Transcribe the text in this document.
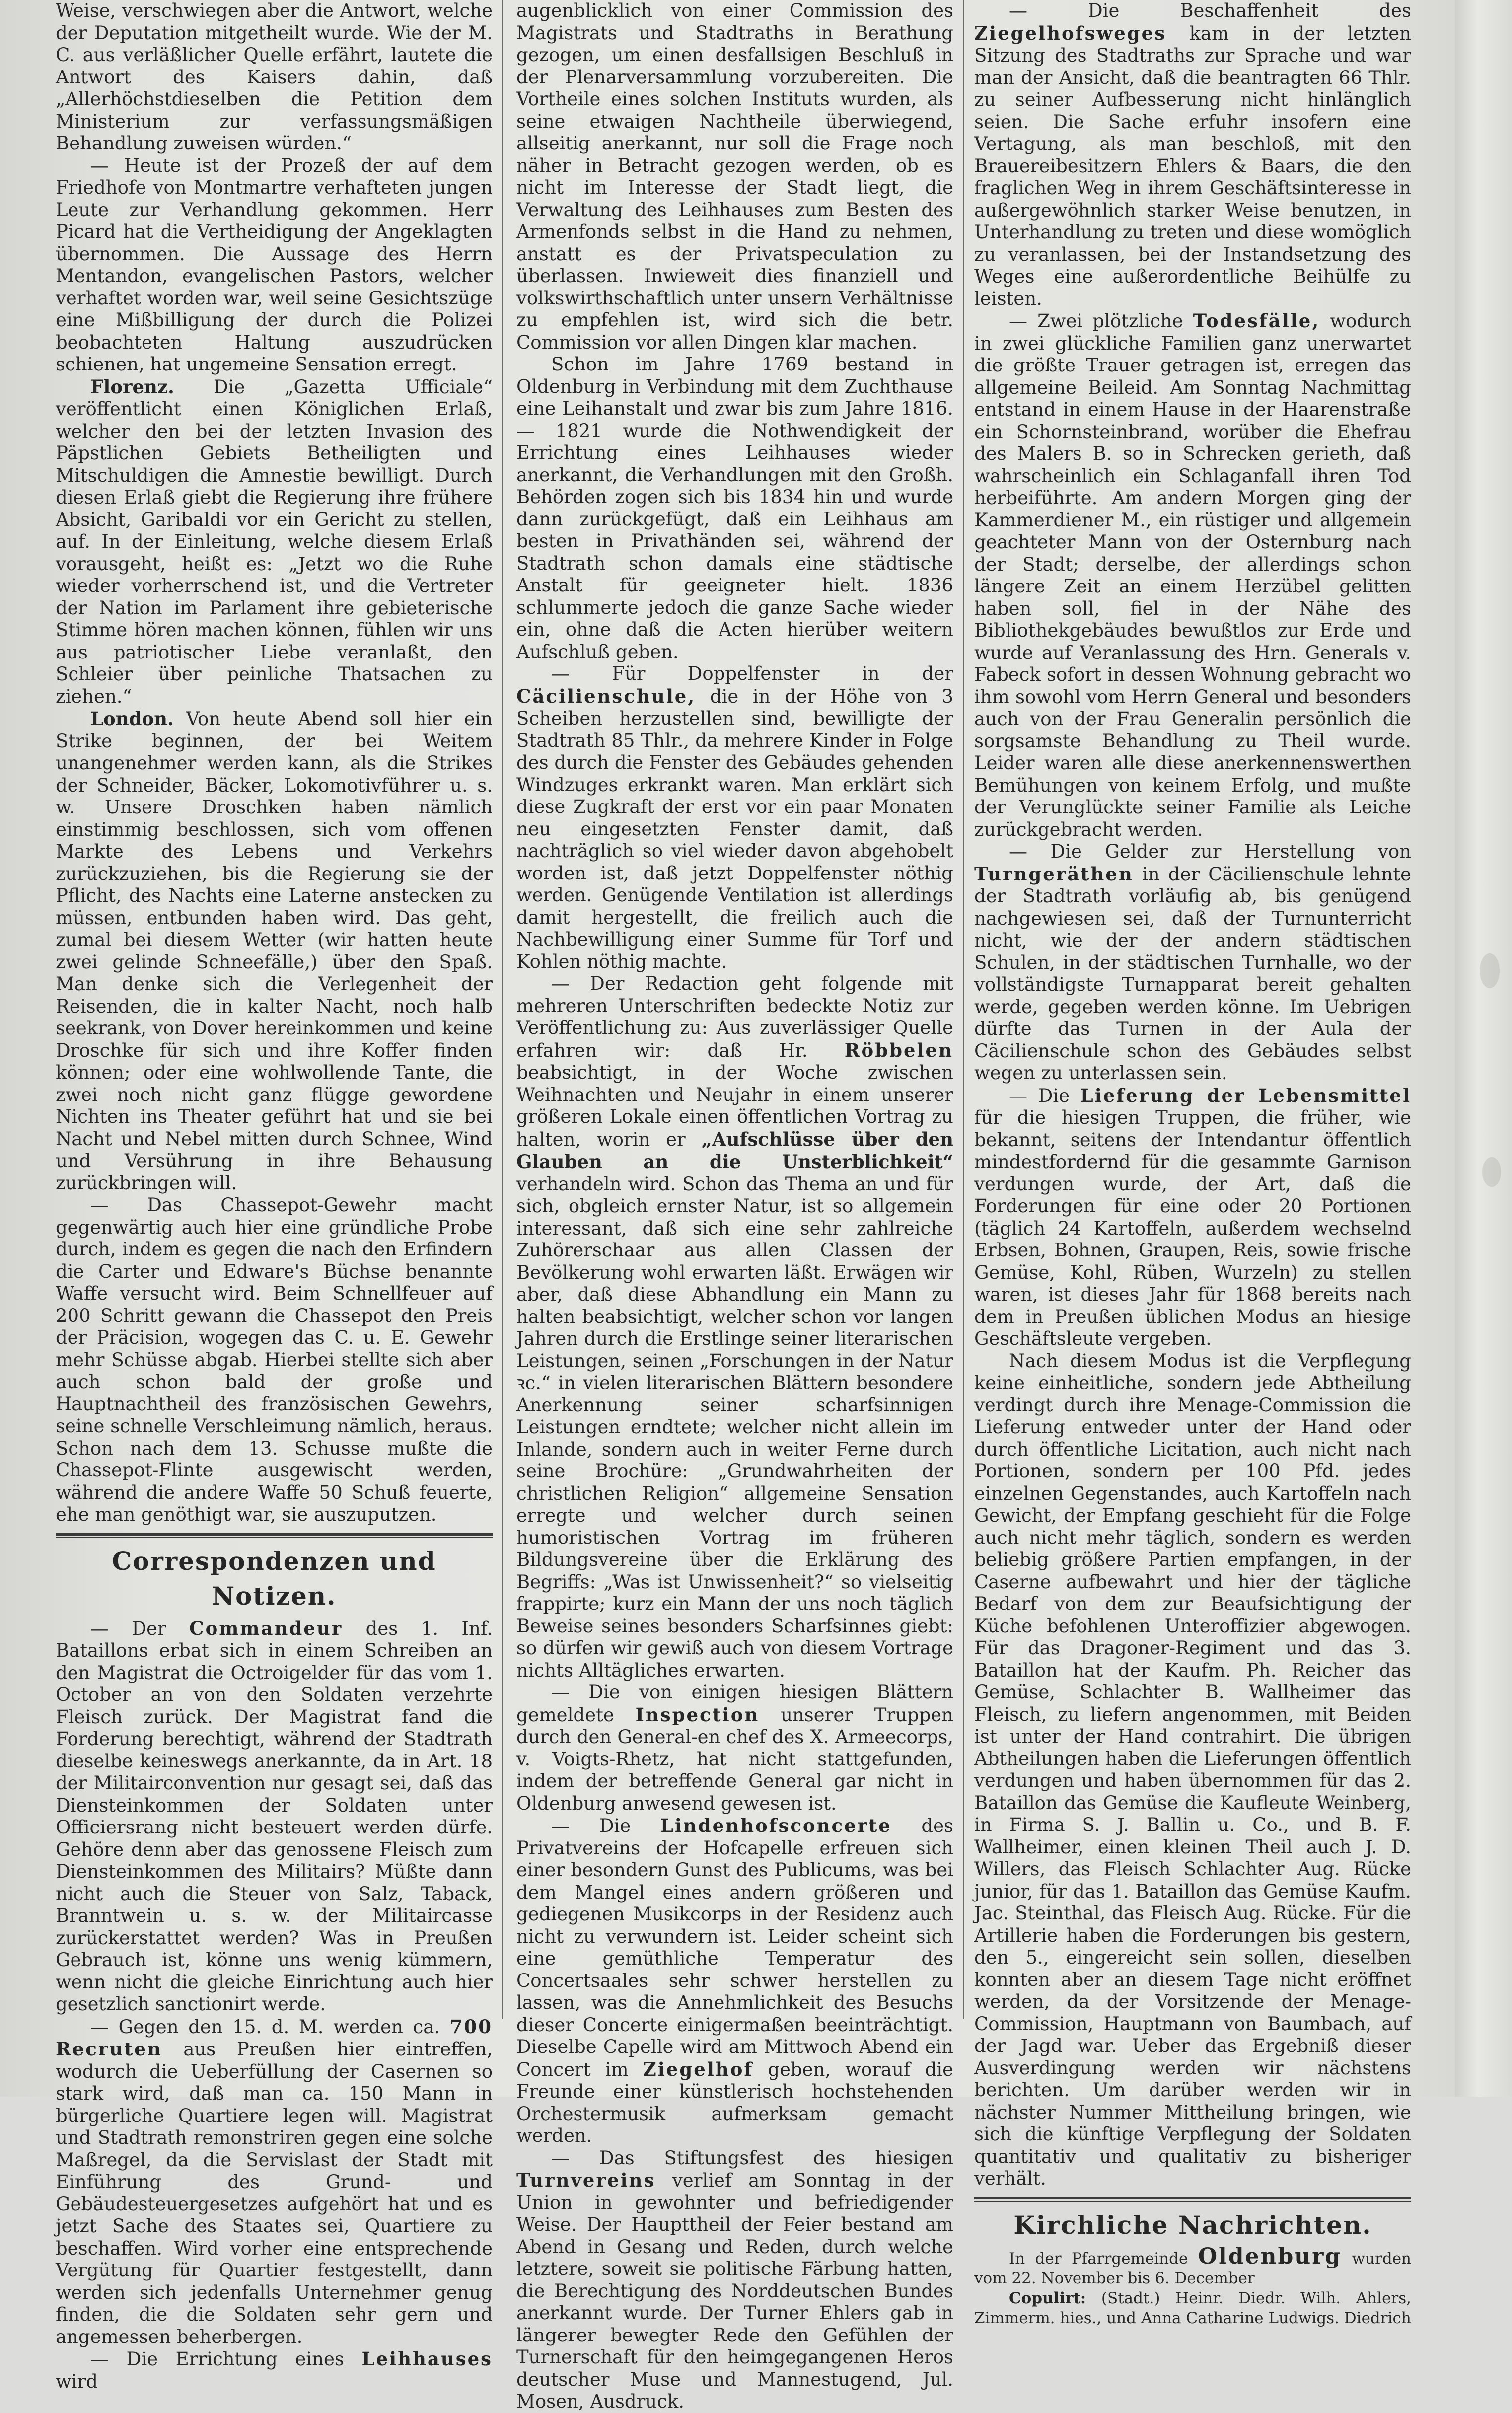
Weise, verschwiegen aber die Antwort, welche der Deputation mitgetheilt wurde. Wie der M. C. aus verläßlicher Quelle erfährt, lautete die Antwort des Kaisers dahin, daß „Allerhöchstdieselben die Petition dem Ministerium zur verfassungsmäßigen Behandlung zuweisen würden.“

— Heute ist der Prozeß der auf dem Friedhofe von Montmartre verhafteten jungen Leute zur Verhandlung gekommen. Herr Picard hat die Vertheidigung der Angeklagten übernommen. Die Aussage des Herrn Mentandon, evangelischen Pastors, welcher verhaftet worden war, weil seine Gesichtszüge eine Mißbilligung der durch die Polizei beobachteten Haltung auszudrücken schienen, hat ungemeine Sensation erregt.

Florenz. Die „Gazetta Ufficiale“ veröffentlicht einen Königlichen Erlaß, welcher den bei der letzten Invasion des Päpstlichen Gebiets Betheiligten und Mitschuldigen die Amnestie bewilligt. Durch diesen Erlaß giebt die Regierung ihre frühere Absicht, Garibaldi vor ein Gericht zu stellen, auf. In der Einleitung, welche diesem Erlaß vorausgeht, heißt es: „Jetzt wo die Ruhe wieder vorherrschend ist, und die Vertreter der Nation im Parlament ihre gebieterische Stimme hören machen können, fühlen wir uns aus patriotischer Liebe veranlaßt, den Schleier über peinliche Thatsachen zu ziehen.“

London. Von heute Abend soll hier ein Strike beginnen, der bei Weitem unangenehmer werden kann, als die Strikes der Schneider, Bäcker, Lokomotivführer u. s. w. Unsere Droschken haben nämlich einstimmig beschlossen, sich vom offenen Markte des Lebens und Verkehrs zurückzuziehen, bis die Regierung sie der Pflicht, des Nachts eine Laterne anstecken zu müssen, entbunden haben wird. Das geht, zumal bei diesem Wetter (wir hatten heute zwei gelinde Schneefälle,) über den Spaß. Man denke sich die Verlegenheit der Reisenden, die in kalter Nacht, noch halb seekrank, von Dover hereinkommen und keine Droschke für sich und ihre Koffer finden können; oder eine wohlwollende Tante, die zwei noch nicht ganz flügge gewordene Nichten ins Theater geführt hat und sie bei Nacht und Nebel mitten durch Schnee, Wind und Versührung in ihre Behausung zurückbringen will.

— Das Chassepot-Gewehr macht gegenwärtig auch hier eine gründliche Probe durch, indem es gegen die nach den Erfindern die Carter und Edware's Büchse benannte Waffe versucht wird. Beim Schnellfeuer auf 200 Schritt gewann die Chassepot den Preis der Präcision, wogegen das C. u. E. Gewehr mehr Schüsse abgab. Hierbei stellte sich aber auch schon bald der große und Hauptnachtheil des französischen Gewehrs, seine schnelle Verschleimung nämlich, heraus. Schon nach dem 13. Schusse mußte die Chassepot-Flinte ausgewischt werden, während die andere Waffe 50 Schuß feuerte, ehe man genöthigt war, sie auszuputzen.

Correspondenzen und Notizen.

— Der Commandeur des 1. Inf. Bataillons erbat sich in einem Schreiben an den Magistrat die Octroigelder für das vom 1. October an von den Soldaten verzehrte Fleisch zurück. Der Magistrat fand die Forderung berechtigt, während der Stadtrath dieselbe keineswegs anerkannte, da in Art. 18 der Militairconvention nur gesagt sei, daß das Diensteinkommen der Soldaten unter Officiersrang nicht besteuert werden dürfe. Gehöre denn aber das genossene Fleisch zum Diensteinkommen des Militairs? Müßte dann nicht auch die Steuer von Salz, Taback, Branntwein u. s. w. der Militaircasse zurückerstattet werden? Was in Preußen Gebrauch ist, könne uns wenig kümmern, wenn nicht die gleiche Einrichtung auch hier gesetzlich sanctionirt werde.

— Gegen den 15. d. M. werden ca. 700 Recruten aus Preußen hier eintreffen, wodurch die Ueberfüllung der Casernen so stark wird, daß man ca. 150 Mann in bürgerliche Quartiere legen will. Magistrat und Stadtrath remonstriren gegen eine solche Maßregel, da die Servislast der Stadt mit Einführung des Grund- und Gebäudesteuergesetzes aufgehört hat und es jetzt Sache des Staates sei, Quartiere zu beschaffen. Wird vorher eine entsprechende Vergütung für Quartier festgestellt, dann werden sich jedenfalls Unternehmer genug finden, die die Soldaten sehr gern und angemessen beherbergen.

— Die Errichtung eines Leihhauses wird

augenblicklich von einer Commission des Magistrats und Stadtraths in Berathung gezogen, um einen desfallsigen Beschluß in der Plenarversammlung vorzubereiten. Die Vortheile eines solchen Instituts wurden, als seine etwaigen Nachtheile überwiegend, allseitig anerkannt, nur soll die Frage noch näher in Betracht gezogen werden, ob es nicht im Interesse der Stadt liegt, die Verwaltung des Leihhauses zum Besten des Armenfonds selbst in die Hand zu nehmen, anstatt es der Privatspeculation zu überlassen. Inwieweit dies finanziell und volkswirthschaftlich unter unsern Verhältnisse zu empfehlen ist, wird sich die betr. Commission vor allen Dingen klar machen.

Schon im Jahre 1769 bestand in Oldenburg in Verbindung mit dem Zuchthause eine Leihanstalt und zwar bis zum Jahre 1816. — 1821 wurde die Nothwendigkeit der Errichtung eines Leihhauses wieder anerkannt, die Verhandlungen mit den Großh. Behörden zogen sich bis 1834 hin und wurde dann zurückgefügt, daß ein Leihhaus am besten in Privathänden sei, während der Stadtrath schon damals eine städtische Anstalt für geeigneter hielt. 1836 schlummerte jedoch die ganze Sache wieder ein, ohne daß die Acten hierüber weitern Aufschluß geben.

— Für Doppelfenster in der Cäcilienschule, die in der Höhe von 3 Scheiben herzustellen sind, bewilligte der Stadtrath 85 Thlr., da mehrere Kinder in Folge des durch die Fenster des Gebäudes gehenden Windzuges erkrankt waren. Man erklärt sich diese Zugkraft der erst vor ein paar Monaten neu eingesetzten Fenster damit, daß nachträglich so viel wieder davon abgehobelt worden ist, daß jetzt Doppelfenster nöthig werden. Genügende Ventilation ist allerdings damit hergestellt, die freilich auch die Nachbewilligung einer Summe für Torf und Kohlen nöthig machte.

— Der Redaction geht folgende mit mehreren Unterschriften bedeckte Notiz zur Veröffentlichung zu: Aus zuverlässiger Quelle erfahren wir: daß Hr. Röbbelen beabsichtigt, in der Woche zwischen Weihnachten und Neujahr in einem unserer größeren Lokale einen öffentlichen Vortrag zu halten, worin er „Aufschlüsse über den Glauben an die Unsterblichkeit“ verhandeln wird. Schon das Thema an und für sich, obgleich ernster Natur, ist so allgemein interessant, daß sich eine sehr zahlreiche Zuhörerschaar aus allen Classen der Bevölkerung wohl erwarten läßt. Erwägen wir aber, daß diese Abhandlung ein Mann zu halten beabsichtigt, welcher schon vor langen Jahren durch die Erstlinge seiner literarischen Leistungen, seinen „Forschungen in der Natur ꝛc.“ in vielen literarischen Blättern besondere Anerkennung seiner scharfsinnigen Leistungen erndtete; welcher nicht allein im Inlande, sondern auch in weiter Ferne durch seine Brochüre: „Grundwahrheiten der christlichen Religion“ allgemeine Sensation erregte und welcher durch seinen humoristischen Vortrag im früheren Bildungsvereine über die Erklärung des Begriffs: „Was ist Unwissenheit?“ so vielseitig frappirte; kurz ein Mann der uns noch täglich Beweise seines besonders Scharfsinnes giebt: so dürfen wir gewiß auch von diesem Vortrage nichts Alltägliches erwarten.

— Die von einigen hiesigen Blättern gemeldete Inspection unserer Truppen durch den General-en chef des X. Armeecorps, v. Voigts-Rhetz, hat nicht stattgefunden, indem der betreffende General gar nicht in Oldenburg anwesend gewesen ist.

— Die Lindenhofsconcerte des Privatvereins der Hofcapelle erfreuen sich einer besondern Gunst des Publicums, was bei dem Mangel eines andern größeren und gediegenen Musikcorps in der Residenz auch nicht zu verwundern ist. Leider scheint sich eine gemüthliche Temperatur des Concertsaales sehr schwer herstellen zu lassen, was die Annehmlichkeit des Besuchs dieser Concerte einigermaßen beeinträchtigt. Dieselbe Capelle wird am Mittwoch Abend ein Concert im Ziegelhof geben, worauf die Freunde einer künstlerisch hochstehenden Orchestermusik aufmerksam gemacht werden.

— Das Stiftungsfest des hiesigen Turnvereins verlief am Sonntag in der Union in gewohnter und befriedigender Weise. Der Haupttheil der Feier bestand am Abend in Gesang und Reden, durch welche letztere, soweit sie politische Färbung hatten, die Berechtigung des Norddeutschen Bundes anerkannt wurde. Der Turner Ehlers gab in längerer bewegter Rede den Gefühlen der Turnerschaft für den heimgegangenen Heros deutscher Muse und Mannestugend, Jul. Mosen, Ausdruck.

— Die Beschaffenheit des Ziegelhofsweges kam in der letzten Sitzung des Stadtraths zur Sprache und war man der Ansicht, daß die beantragten 66 Thlr. zu seiner Aufbesserung nicht hinlänglich seien. Die Sache erfuhr insofern eine Vertagung, als man beschloß, mit den Brauereibesitzern Ehlers & Baars, die den fraglichen Weg in ihrem Geschäftsinteresse in außergewöhnlich starker Weise benutzen, in Unterhandlung zu treten und diese womöglich zu veranlassen, bei der Instandsetzung des Weges eine außerordentliche Beihülfe zu leisten.

— Zwei plötzliche Todesfälle, wodurch in zwei glückliche Familien ganz unerwartet die größte Trauer getragen ist, erregen das allgemeine Beileid. Am Sonntag Nachmittag entstand in einem Hause in der Haarenstraße ein Schornsteinbrand, worüber die Ehefrau des Malers B. so in Schrecken gerieth, daß wahrscheinlich ein Schlaganfall ihren Tod herbeiführte. Am andern Morgen ging der Kammerdiener M., ein rüstiger und allgemein geachteter Mann von der Osternburg nach der Stadt; derselbe, der allerdings schon längere Zeit an einem Herzübel gelitten haben soll, fiel in der Nähe des Bibliothekgebäudes bewußtlos zur Erde und wurde auf Veranlassung des Hrn. Generals v. Fabeck sofort in dessen Wohnung gebracht wo ihm sowohl vom Herrn General und besonders auch von der Frau Generalin persönlich die sorgsamste Behandlung zu Theil wurde. Leider waren alle diese anerkennenswerthen Bemühungen von keinem Erfolg, und mußte der Verunglückte seiner Familie als Leiche zurückgebracht werden.

— Die Gelder zur Herstellung von Turngeräthen in der Cäcilienschule lehnte der Stadtrath vorläufig ab, bis genügend nachgewiesen sei, daß der Turnunterricht nicht, wie der der andern städtischen Schulen, in der städtischen Turnhalle, wo der vollständigste Turnapparat bereit gehalten werde, gegeben werden könne. Im Uebrigen dürfte das Turnen in der Aula der Cäcilienschule schon des Gebäudes selbst wegen zu unterlassen sein.

— Die Lieferung der Lebensmittel für die hiesigen Truppen, die früher, wie bekannt, seitens der Intendantur öffentlich mindestfordernd für die gesammte Garnison verdungen wurde, der Art, daß die Forderungen für eine oder 20 Portionen (täglich 24 Kartoffeln, außerdem wechselnd Erbsen, Bohnen, Graupen, Reis, sowie frische Gemüse, Kohl, Rüben, Wurzeln) zu stellen waren, ist dieses Jahr für 1868 bereits nach dem in Preußen üblichen Modus an hiesige Geschäftsleute vergeben.

Nach diesem Modus ist die Verpflegung keine einheitliche, sondern jede Abtheilung verdingt durch ihre Menage-Commission die Lieferung entweder unter der Hand oder durch öffentliche Licitation, auch nicht nach Portionen, sondern per 100 Pfd. jedes einzelnen Gegenstandes, auch Kartoffeln nach Gewicht, der Empfang geschieht für die Folge auch nicht mehr täglich, sondern es werden beliebig größere Partien empfangen, in der Caserne aufbewahrt und hier der tägliche Bedarf von dem zur Beaufsichtigung der Küche befohlenen Unteroffizier abgewogen. Für das Dragoner-Regiment und das 3. Bataillon hat der Kaufm. Ph. Reicher das Gemüse, Schlachter B. Wallheimer das Fleisch, zu liefern angenommen, mit Beiden ist unter der Hand contrahirt. Die übrigen Abtheilungen haben die Lieferungen öffentlich verdungen und haben übernommen für das 2. Bataillon das Gemüse die Kaufleute Weinberg, in Firma S. J. Ballin u. Co., und B. F. Wallheimer, einen kleinen Theil auch J. D. Willers, das Fleisch Schlachter Aug. Rücke junior, für das 1. Bataillon das Gemüse Kaufm. Jac. Steinthal, das Fleisch Aug. Rücke. Für die Artillerie haben die Forderungen bis gestern, den 5., eingereicht sein sollen, dieselben konnten aber an diesem Tage nicht eröffnet werden, da der Vorsitzende der Menage-Commission, Hauptmann von Baumbach, auf der Jagd war. Ueber das Ergebniß dieser Ausverdingung werden wir nächstens berichten. Um darüber werden wir in nächster Nummer Mittheilung bringen, wie sich die künftige Verpflegung der Soldaten quantitativ und qualitativ zu bisheriger verhält.

Kirchliche Nachrichten.

In der Pfarrgemeinde Oldenburg wurden vom 22. November bis 6. December

Copulirt: (Stadt.) Heinr. Diedr. Wilh. Ahlers, Zimmerm. hies., und Anna Catharine Ludwigs. Diedrich
